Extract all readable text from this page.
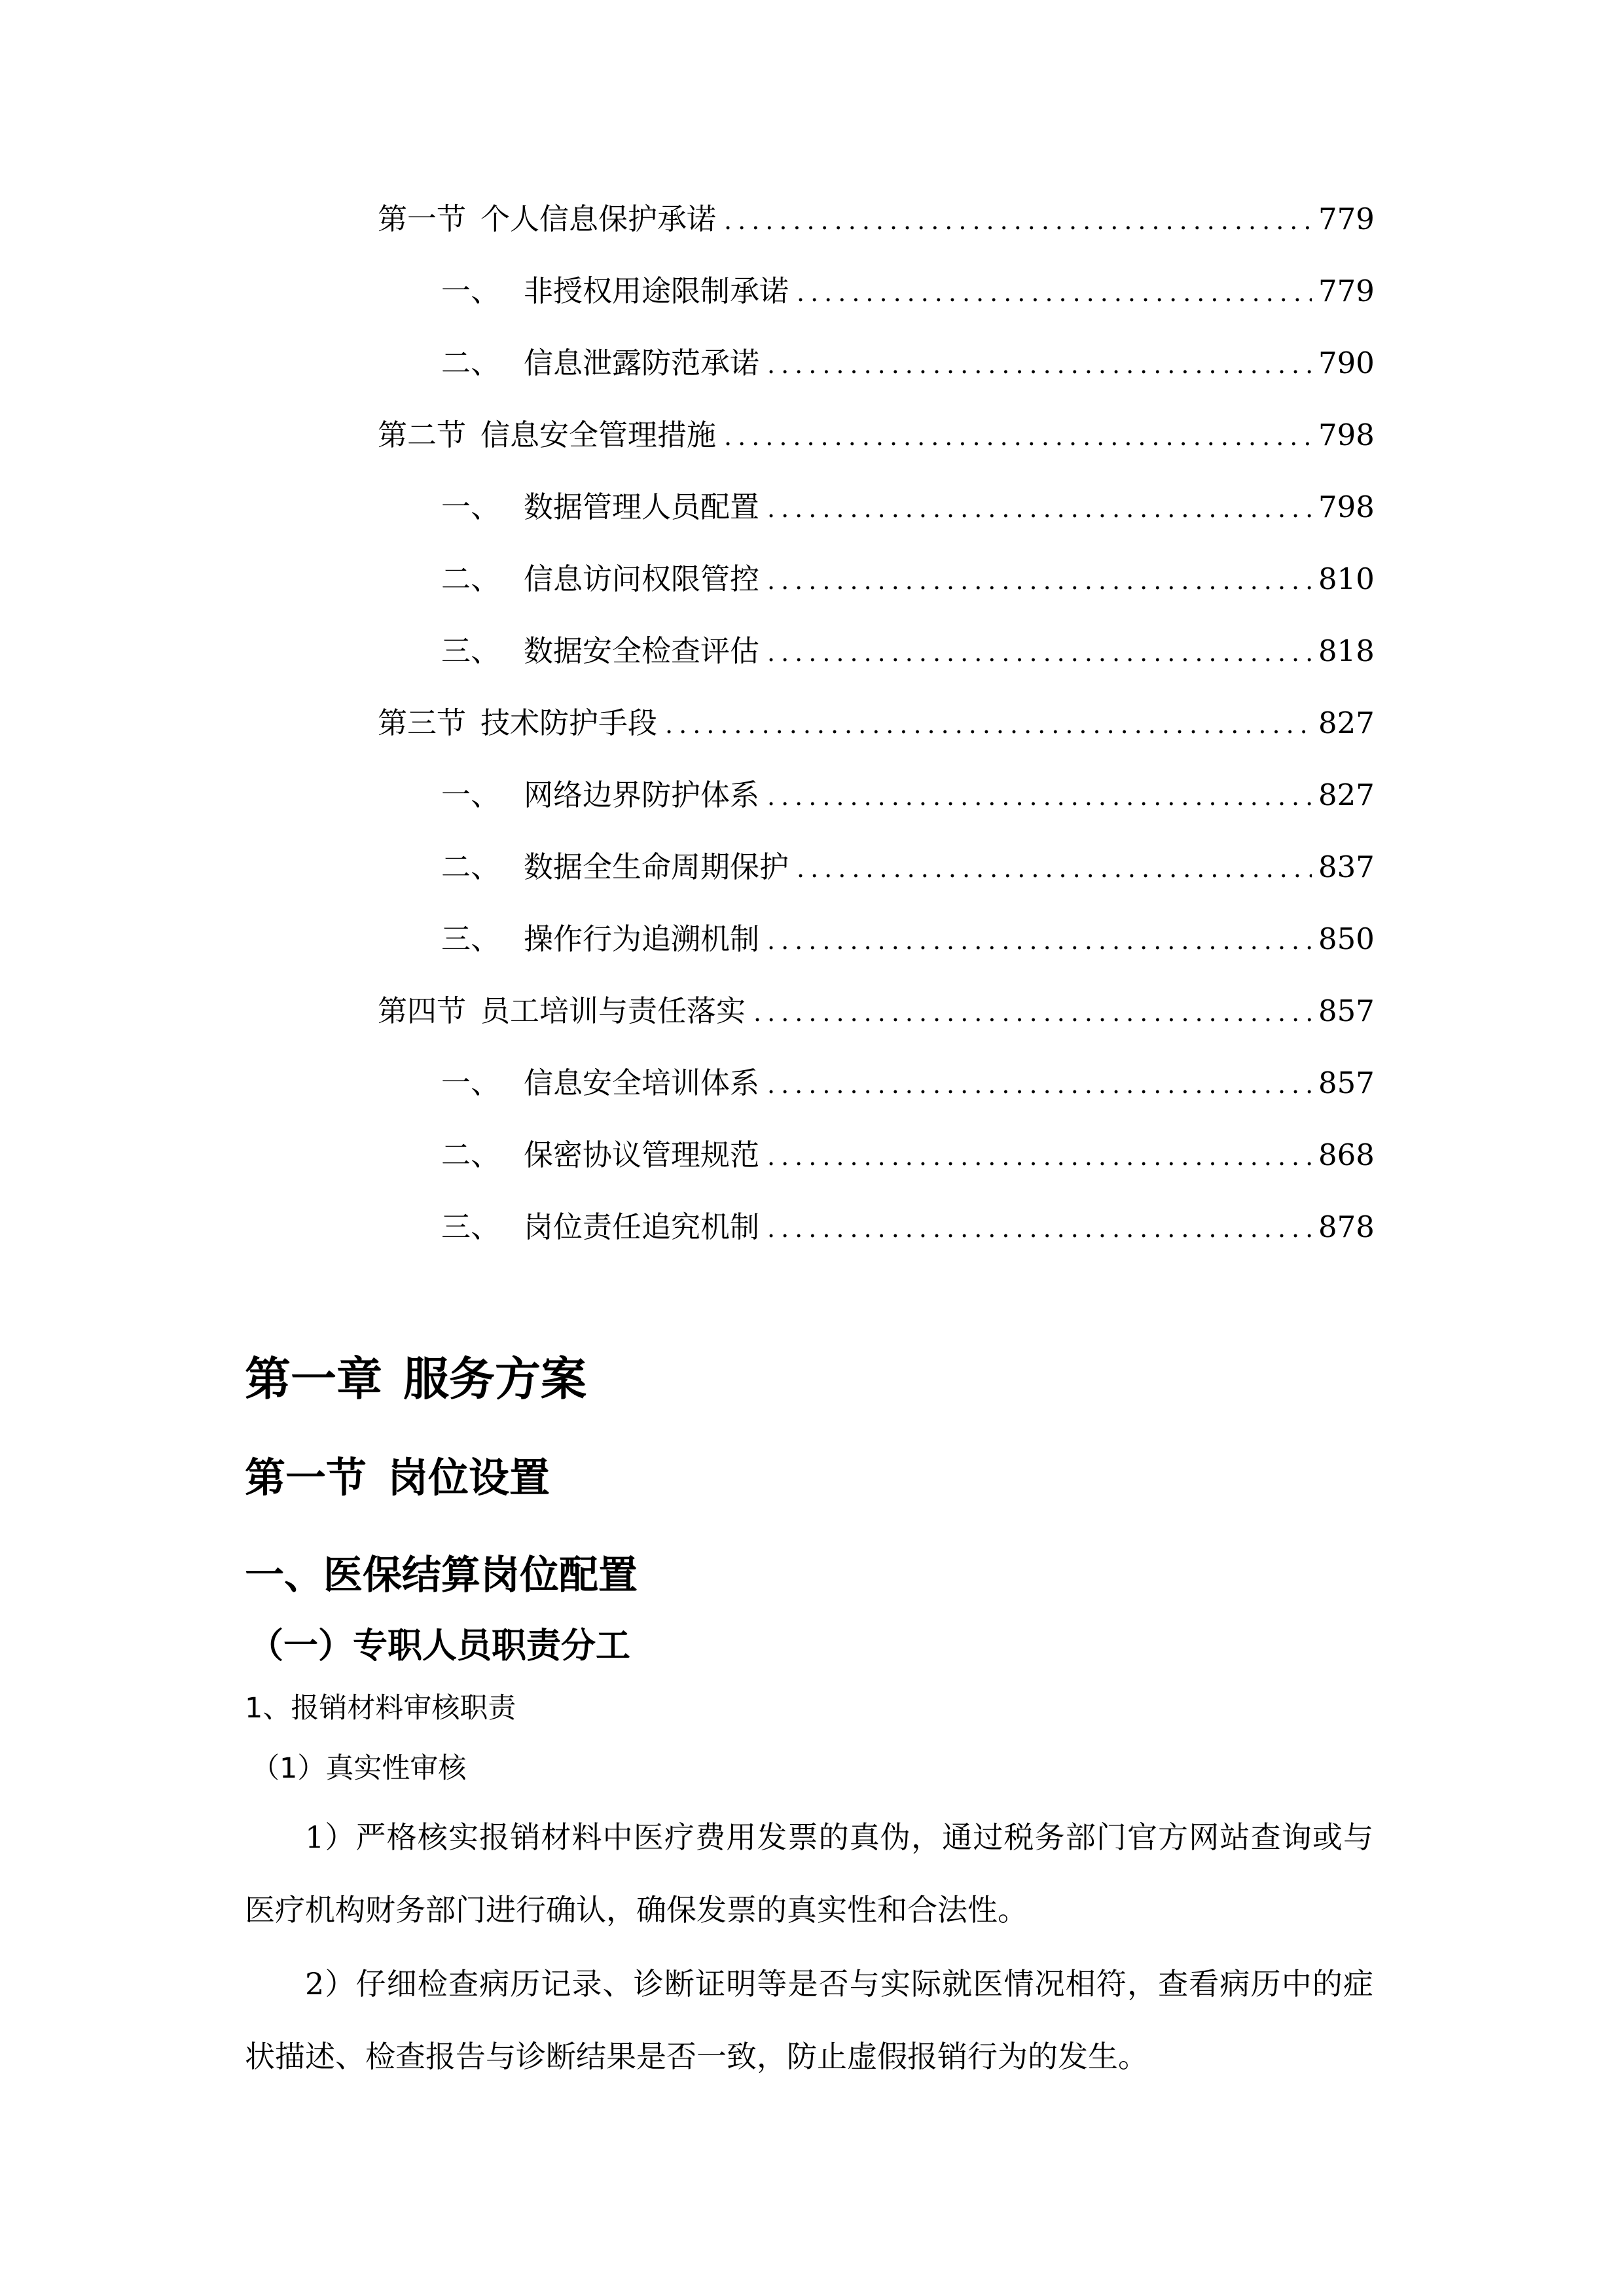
第一节 个人信息保护承诺 .....	779
一、 非授权用途限制承诺 .....	779
二、 信息泄露防范承诺 .....	790
第二节 信息安全管理措施 .....	798
一、 数据管理人员配置 .....	798
二、 信息访问权限管控 .....	810
三、 数据安全检查评估 .....	818
第三节 技术防护手段 .....	827
一、 网络边界防护体系 .....	827
二、 数据全生命周期保护 .....	837
三、 操作行为追溯机制 .....	850
第四节 员工培训与责任落实 .....	857
一、 信息安全培训体系 .....	857
二、 保密协议管理规范 .....	868
三、 岗位责任追究机制 .....	878
第一章 服务方案
第一节 岗位设置
一、医保结算岗位配置
（一）专职人员职责分工
1、报销材料审核职责
（1）真实性审核

1）严格核实报销材料中医疗费用发票的真伪，通过税务部门官方网站查询或与医疗机构财务部门进行确认，确保发票的真实性和合法性。

2）仔细检查病历记录、诊断证明等是否与实际就医情况相符，查看病历中的症状描述、检查报告与诊断结果是否一致，防止虚假报销行为的发生。
